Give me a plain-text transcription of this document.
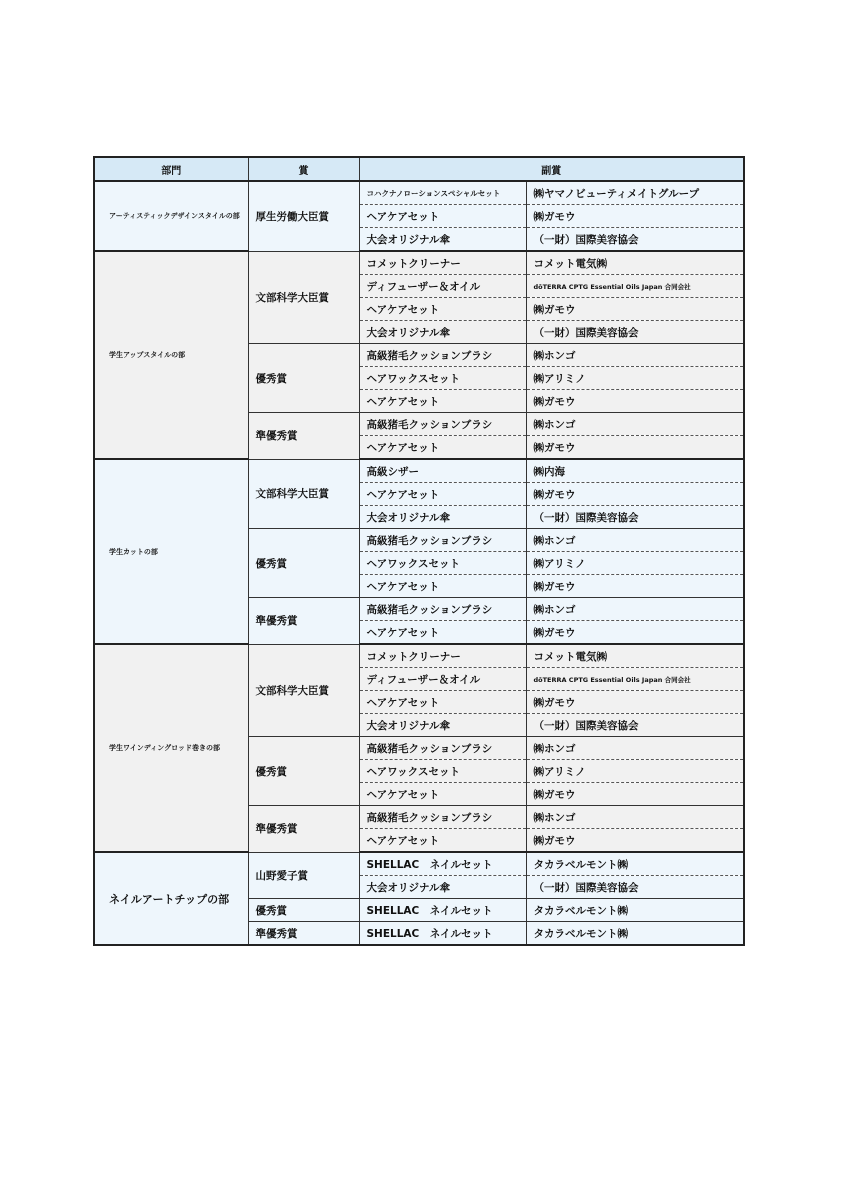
部門	賞	副賞	
アーティスティックデザインスタイルの部	厚生労働大臣賞	コハクナノローションスペシャルセット	㈱ヤマノビューティメイトグループ
		ヘアケアセット	㈱ガモウ
		大会オリジナル傘	（一財）国際美容協会
学生アップスタイルの部	文部科学大臣賞	コメットクリーナー	コメット電気㈱
		ディフューザー＆オイル	dōTERRA CPTG Essential Oils Japan 合同会社
		ヘアケアセット	㈱ガモウ
		大会オリジナル傘	（一財）国際美容協会
	優秀賞	高級猪毛クッションブラシ	㈱ホンゴ
		ヘアワックスセット	㈱アリミノ
		ヘアケアセット	㈱ガモウ
	準優秀賞	高級猪毛クッションブラシ	㈱ホンゴ
		ヘアケアセット	㈱ガモウ
学生カットの部	文部科学大臣賞	高級シザー	㈱内海
		ヘアケアセット	㈱ガモウ
		大会オリジナル傘	（一財）国際美容協会
	優秀賞	高級猪毛クッションブラシ	㈱ホンゴ
		ヘアワックスセット	㈱アリミノ
		ヘアケアセット	㈱ガモウ
	準優秀賞	高級猪毛クッションブラシ	㈱ホンゴ
		ヘアケアセット	㈱ガモウ
学生ワインディングロッド巻きの部	文部科学大臣賞	コメットクリーナー	コメット電気㈱
		ディフューザー＆オイル	dōTERRA CPTG Essential Oils Japan 合同会社
		ヘアケアセット	㈱ガモウ
		大会オリジナル傘	（一財）国際美容協会
	優秀賞	高級猪毛クッションブラシ	㈱ホンゴ
		ヘアワックスセット	㈱アリミノ
		ヘアケアセット	㈱ガモウ
	準優秀賞	高級猪毛クッションブラシ	㈱ホンゴ
		ヘアケアセット	㈱ガモウ
ネイルアートチップの部	山野愛子賞	SHELLAC　ネイルセット	タカラベルモント㈱
		大会オリジナル傘	（一財）国際美容協会
	優秀賞	SHELLAC　ネイルセット	タカラベルモント㈱
	準優秀賞	SHELLAC　ネイルセット	タカラベルモント㈱
